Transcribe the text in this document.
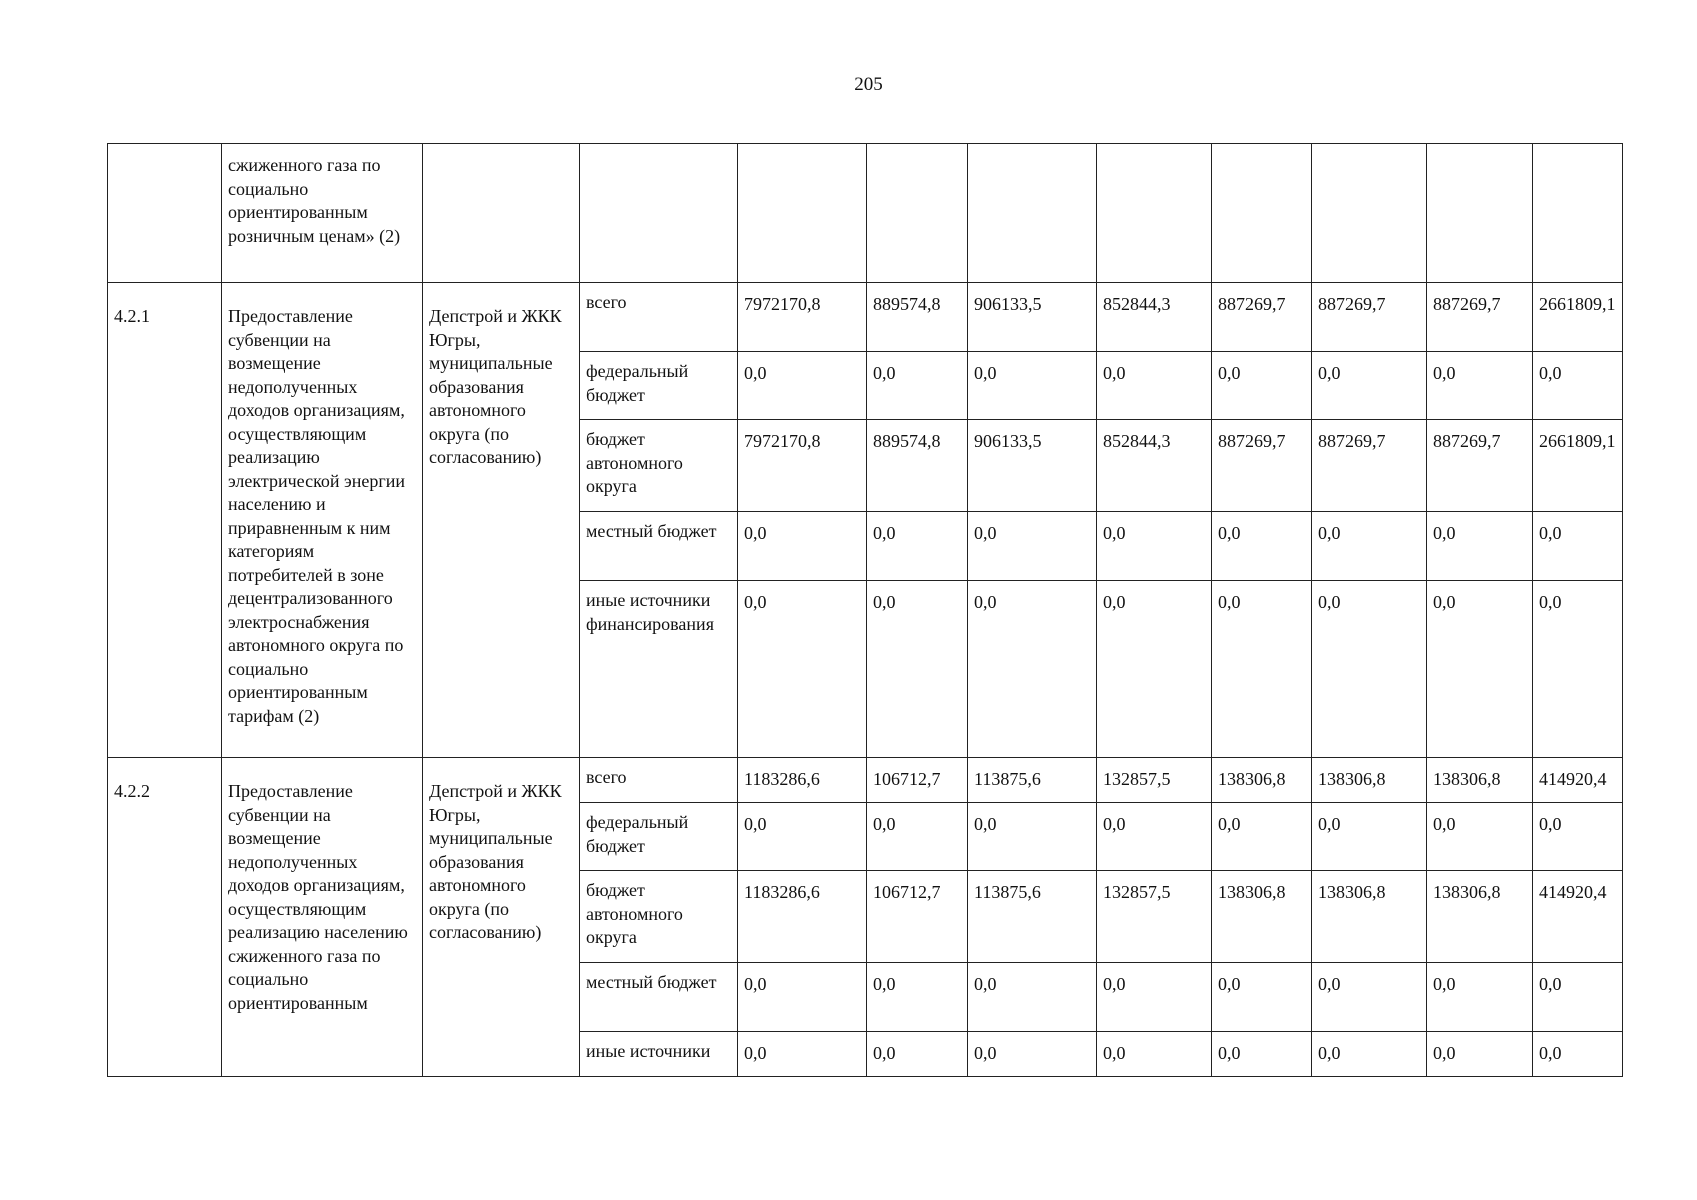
205
	сжиженного газа по социально ориентированным розничным ценам» (2)										
4.2.1	Предоставление субвенции на возмещение недополученных доходов организациям, осуществляющим реализацию электрической энергии населению и приравненным к ним категориям потребителей в зоне децентрализованного электроснабжения автономного округа по социально ориентированным тарифам (2)	Депстрой и ЖКК Югры, муниципальные образования автономного округа (по согласованию)	всего	7972170,8	889574,8	906133,5	852844,3	887269,7	887269,7	887269,7	2661809,1
			федеральный бюджет	0,0	0,0	0,0	0,0	0,0	0,0	0,0	0,0
			бюджет автономного округа	7972170,8	889574,8	906133,5	852844,3	887269,7	887269,7	887269,7	2661809,1
			местный бюджет	0,0	0,0	0,0	0,0	0,0	0,0	0,0	0,0
			иные источники финансирования	0,0	0,0	0,0	0,0	0,0	0,0	0,0	0,0
4.2.2	Предоставление субвенции на возмещение недополученных доходов организациям, осуществляющим реализацию населению сжиженного газа по социально ориентированным	Депстрой и ЖКК Югры, муниципальные образования автономного округа (по согласованию)	всего	1183286,6	106712,7	113875,6	132857,5	138306,8	138306,8	138306,8	414920,4
			федеральный бюджет	0,0	0,0	0,0	0,0	0,0	0,0	0,0	0,0
			бюджет автономного округа	1183286,6	106712,7	113875,6	132857,5	138306,8	138306,8	138306,8	414920,4
			местный бюджет	0,0	0,0	0,0	0,0	0,0	0,0	0,0	0,0
			иные источники	0,0	0,0	0,0	0,0	0,0	0,0	0,0	0,0
